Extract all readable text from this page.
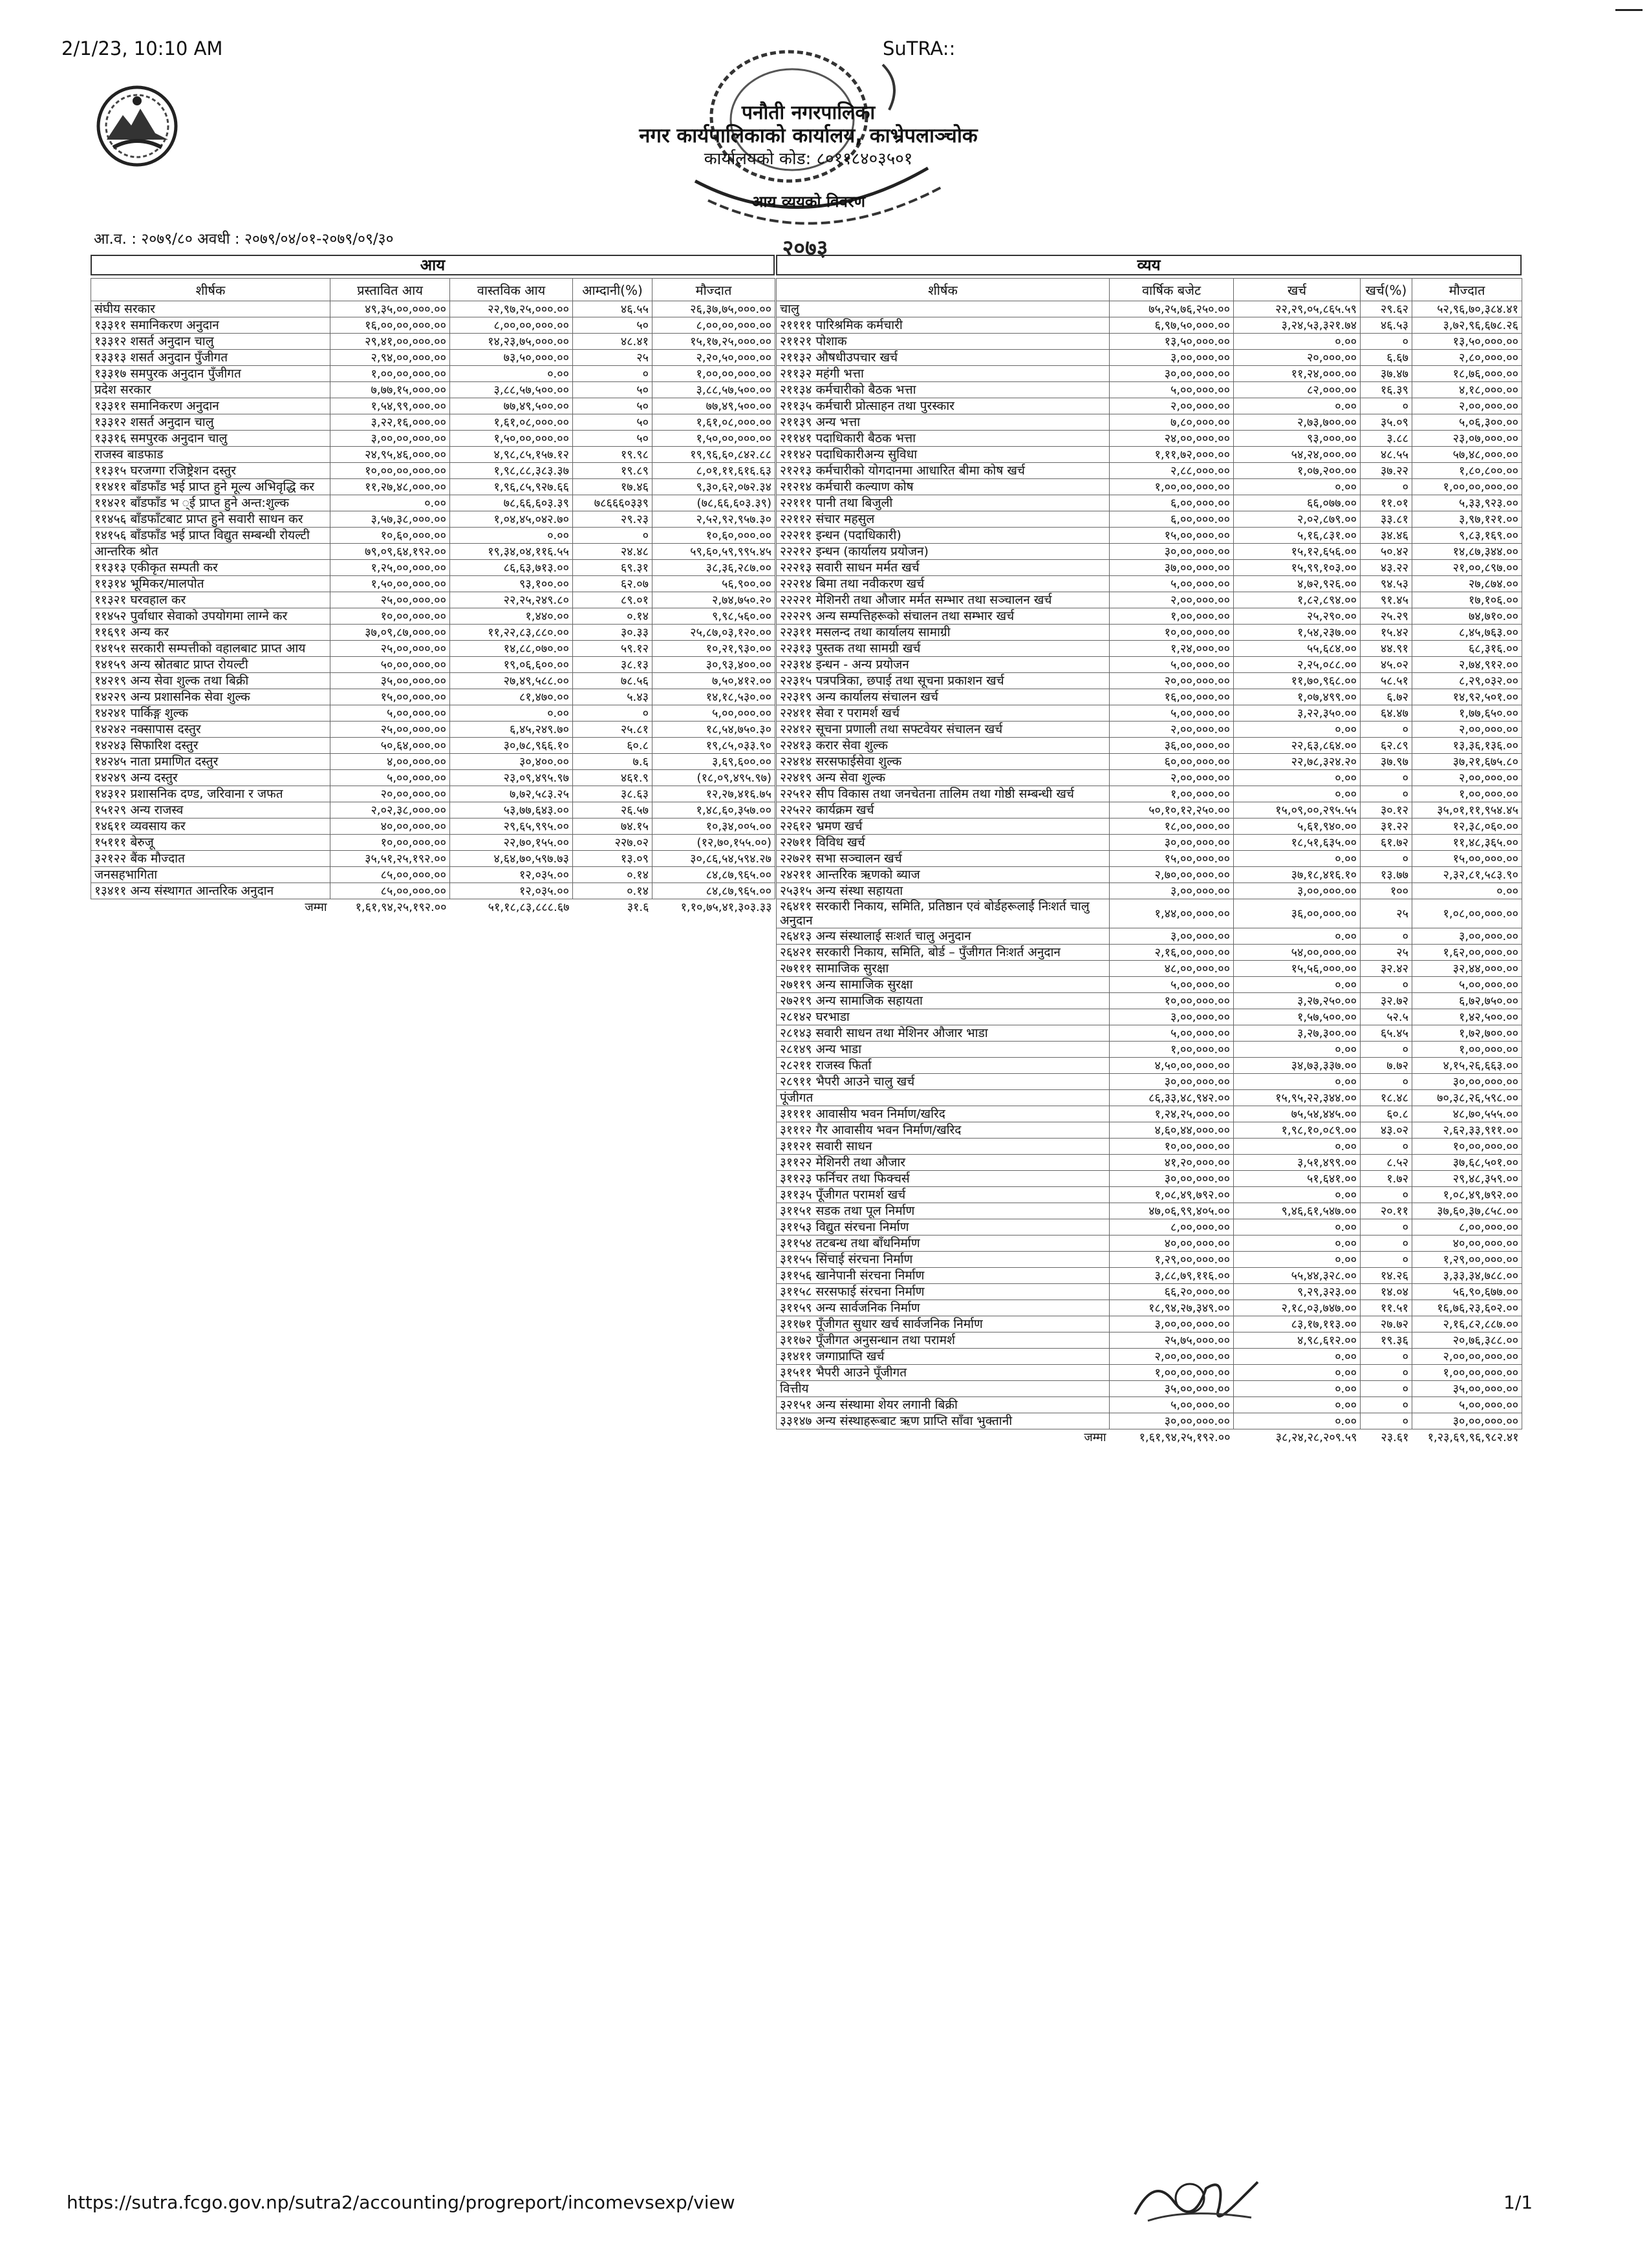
2/1/23, 10:10 AM	SuTRA::
२०७३
पनौती नगरपालिका
नगर कार्यपालिकाको कार्यालय, काभ्रेपलाञ्चोक
कार्यालयको कोड: ८०११८४०३५०१
आय व्ययको विवरण
आ.व. : २०७९/८० अवधी : २०७९/०४/०१-२०७९/०९/३०
आय	व्यय
शीर्षक	प्रस्तावित आय	वास्तविक आय	आम्दानी(%)	मौज्दात
संघीय सरकार	४९,३५,००,०००.००	२२,९७,२५,०००.००	४६.५५	२६,३७,७५,०००.००
१३३११ समानिकरण अनुदान	१६,००,००,०००.००	८,००,००,०००.००	५०	८,००,००,०००.००
१३३१२ शसर्त अनुदान चालु	२९,४१,००,०००.००	१४,२३,७५,०००.००	४८.४१	१५,१७,२५,०००.००
१३३१३ शसर्त अनुदान पुँजीगत	२,९४,००,०००.००	७३,५०,०००.००	२५	२,२०,५०,०००.००
१३३१७ समपुरक अनुदान पुँजीगत	१,००,००,०००.००	०.००	०	१,००,००,०००.००
प्रदेश सरकार	७,७७,१५,०००.००	३,८८,५७,५००.००	५०	३,८८,५७,५००.००
१३३११ समानिकरण अनुदान	१,५४,९९,०००.००	७७,४९,५००.००	५०	७७,४९,५००.००
१३३१२ शसर्त अनुदान चालु	३,२२,१६,०००.००	१,६१,०८,०००.००	५०	१,६१,०८,०००.००
१३३१६ समपुरक अनुदान चालु	३,००,००,०००.००	१,५०,००,०००.००	५०	१,५०,००,०००.००
राजस्व बाडफाड	२४,९५,४६,०००.००	४,९८,८५,१५७.१२	१९.९८	१९,९६,६०,८४२.८८
११३१५ घरजग्गा रजिष्ट्रेशन दस्तुर	१०,००,००,०००.००	१,९८,८८,३८३.३७	१९.८९	८,०१,११,६१६.६३
११४११ बाँडफाँड भई प्राप्त हुने मूल्य अभिवृद्धि कर	११,२७,४८,०००.००	१,९६,८५,९२७.६६	१७.४६	९,३०,६२,०७२.३४
११४२१ बाँडफाँड भ ्ई प्राप्त हुने अन्त:शुल्क	०.००	७८,६६,६०३.३९	७८६६६०३३९	(७८,६६,६०३.३९)
११४५६ बाँडफाँटबाट प्राप्त हुने सवारी साधन कर	३,५७,३८,०००.००	१,०४,४५,०४२.७०	२९.२३	२,५२,९२,९५७.३०
१४१५६ बाँडफाँड भई प्राप्त विद्युत सम्बन्धी रोयल्टी	१०,६०,०००.००	०.००	०	१०,६०,०००.००
आन्तरिक श्रोत	७९,०९,६४,१९२.००	१९,३४,०४,११६.५५	२४.४८	५९,६०,५९,९९५.४५
११३१३ एकीकृत सम्पती कर	१,२५,००,०००.००	८६,६३,७१३.००	६९.३१	३८,३६,२८७.००
११३१४ भूमिकर/मालपोत	१,५०,००,०००.००	९३,१००.००	६२.०७	५६,९००.००
११३२१ घरवहाल कर	२५,००,०००.००	२२,२५,२४९.८०	८९.०१	२,७४,७५०.२०
११४५२ पुर्वाधार सेवाको उपयोगमा लाग्ने कर	१०,००,०००.००	१,४४०.००	०.१४	९,९८,५६०.००
११६९१ अन्य कर	३७,०९,८७,०००.००	११,२२,८३,८८०.००	३०.३३	२५,८७,०३,१२०.००
१४१५१ सरकारी सम्पत्तीको वहालबाट प्राप्त आय	२५,००,०००.००	१४,८८,०७०.००	५९.१२	१०,२१,९३०.००
१४१५९ अन्य स्रोतबाट प्राप्त रोयल्टी	५०,००,०००.००	१९,०६,६००.००	३८.१३	३०,९३,४००.००
१४२१९ अन्य सेवा शुल्क तथा बिक्री	३५,००,०००.००	२७,४९,५८८.००	७८.५६	७,५०,४१२.००
१४२२९ अन्य प्रशासनिक सेवा शुल्क	१५,००,०००.००	८१,४७०.००	५.४३	१४,१८,५३०.००
१४२४१ पार्किङ्ग शुल्क	५,००,०००.००	०.००	०	५,००,०००.००
१४२४२ नक्सापास दस्तुर	२५,००,०००.००	६,४५,२४९.७०	२५.८१	१८,५४,७५०.३०
१४२४३ सिफारिश दस्तुर	५०,६४,०००.००	३०,७८,९६६.१०	६०.८	१९,८५,०३३.९०
१४२४५ नाता प्रमाणित दस्तुर	४,००,०००.००	३०,४००.००	७.६	३,६९,६००.००
१४२४९ अन्य दस्तुर	५,००,०००.००	२३,०९,४९५.९७	४६१.९	(१८,०९,४९५.९७)
१४३१२ प्रशासनिक दण्ड, जरिवाना र जफत	२०,००,०००.००	७,७२,५८३.२५	३८.६३	१२,२७,४१६.७५
१५१२९ अन्य राजस्व	२,०२,३८,०००.००	५३,७७,६४३.००	२६.५७	१,४८,६०,३५७.००
१४६११ व्यवसाय कर	४०,००,०००.००	२९,६५,९९५.००	७४.१५	१०,३४,००५.००
१५१११ बेरुजू	१०,००,०००.००	२२,७०,१५५.००	२२७.०२	(१२,७०,१५५.००)
३२१२२ बैंक मौज्दात	३५,५१,२५,१९२.००	४,६४,७०,५९७.७३	१३.०९	३०,८६,५४,५९४.२७
जनसहभागिता	८५,००,०००.००	१२,०३५.००	०.१४	८४,८७,९६५.००
१३४११ अन्य संस्थागत आन्तरिक अनुदान	८५,००,०००.००	१२,०३५.००	०.१४	८४,८७,९६५.००
जम्मा	१,६१,९४,२५,१९२.००	५१,१८,८३,८८८.६७	३१.६	१,१०,७५,४१,३०३.३३
शीर्षक	वार्षिक बजेट	खर्च	खर्च(%)	मौज्दात
चालु	७५,२५,७६,२५०.००	२२,२९,०५,८६५.५९	२९.६२	५२,९६,७०,३८४.४१
२११११ पारिश्रमिक कर्मचारी	६,९७,५०,०००.००	३,२४,५३,३२१.७४	४६.५३	३,७२,९६,६७८.२६
२११२१ पोशाक	१३,५०,०००.००	०.००	०	१३,५०,०००.००
२११३२ औषधीउपचार खर्च	३,००,०००.००	२०,०००.००	६.६७	२,८०,०००.००
२११३२ महंगी भत्ता	३०,००,०००.००	११,२४,०००.००	३७.४७	१८,७६,०००.००
२११३४ कर्मचारीको बैठक भत्ता	५,००,०००.००	८२,०००.००	१६.३९	४,१८,०००.००
२११३५ कर्मचारी प्रोत्साहन तथा पुरस्कार	२,००,०००.००	०.००	०	२,००,०००.००
२११३९ अन्य भत्ता	७,८०,०००.००	२,७३,७००.००	३५.०९	५,०६,३००.००
२११४१ पदाधिकारी बैठक भत्ता	२४,००,०००.००	९३,०००.००	३.८८	२३,०७,०००.००
२११४२ पदाधिकारीअन्य सुविधा	१,११,७२,०००.००	५४,२४,०००.००	४८.५५	५७,४८,०००.००
२१२१३ कर्मचारीको योगदानमा आधारित बीमा कोष खर्च	२,८८,०००.००	१,०७,२००.००	३७.२२	१,८०,८००.००
२१२१४ कर्मचारी कल्याण कोष	१,००,००,०००.००	०.००	०	१,००,००,०००.००
२२१११ पानी तथा बिजुली	६,००,०००.००	६६,०७७.००	११.०१	५,३३,९२३.००
२२११२ संचार महसुल	६,००,०००.००	२,०२,८७९.००	३३.८१	३,९७,१२१.००
२२२११ इन्धन (पदाधिकारी)	१५,००,०००.००	५,१६,८३१.००	३४.४६	९,८३,१६९.००
२२२१२ इन्धन (कार्यालय प्रयोजन)	३०,००,०००.००	१५,१२,६५६.००	५०.४२	१४,८७,३४४.००
२२२१३ सवारी साधन मर्मत खर्च	३७,००,०००.००	१५,९९,१०३.००	४३.२२	२१,००,८९७.००
२२२१४ बिमा तथा नवीकरण खर्च	५,००,०००.००	४,७२,९२६.००	९४.५३	२७,८७४.००
२२२२१ मेशिनरी तथा औजार मर्मत सम्भार तथा सञ्चालन खर्च	२,००,०००.००	१,८२,८९४.००	९१.४५	१७,१०६.००
२२२२९ अन्य सम्पत्तिहरूको संचालन तथा सम्भार खर्च	१,००,०००.००	२५,२९०.००	२५.२९	७४,७१०.००
२२३११ मसलन्द तथा कार्यालय सामाग्री	१०,००,०००.००	१,५४,२३७.००	१५.४२	८,४५,७६३.००
२२३१३ पुस्तक तथा सामग्री खर्च	१,२४,०००.००	५५,६८४.००	४४.९१	६८,३१६.००
२२३१४ इन्धन - अन्य प्रयोजन	५,००,०००.००	२,२५,०८८.००	४५.०२	२,७४,९१२.००
२२३१५ पत्रपत्रिका, छपाई तथा सूचना प्रकाशन खर्च	२०,००,०००.००	११,७०,९६८.००	५८.५१	८,२९,०३२.००
२२३१९ अन्य कार्यालय संचालन खर्च	१६,००,०००.००	१,०७,४९९.००	६.७२	१४,९२,५०१.००
२२४११ सेवा र परामर्श खर्च	५,००,०००.००	३,२२,३५०.००	६४.४७	१,७७,६५०.००
२२४१२ सूचना प्रणाली तथा सफ्टवेयर संचालन खर्च	२,००,०००.००	०.००	०	२,००,०००.००
२२४१३ करार सेवा शुल्क	३६,००,०००.००	२२,६३,८६४.००	६२.८९	१३,३६,१३६.००
२२४१४ सरसफाईसेवा शुल्क	६०,००,०००.००	२२,७८,३२४.२०	३७.९७	३७,२१,६७५.८०
२२४१९ अन्य सेवा शुल्क	२,००,०००.००	०.००	०	२,००,०००.००
२२५१२ सीप विकास तथा जनचेतना तालिम तथा गोष्ठी सम्बन्धी खर्च	१,००,०००.००	०.००	०	१,००,०००.००
२२५२२ कार्यक्रम खर्च	५०,१०,१२,२५०.००	१५,०९,००,२९५.५५	३०.१२	३५,०१,११,९५४.४५
२२६१२ भ्रमण खर्च	१८,००,०००.००	५,६१,९४०.००	३१.२२	१२,३८,०६०.००
२२७११ विविध खर्च	३०,००,०००.००	१८,५१,६३५.००	६१.७२	११,४८,३६५.००
२२७२१ सभा सञ्चालन खर्च	१५,००,०००.००	०.००	०	१५,००,०००.००
२४२११ आन्तरिक ऋणको ब्याज	२,७०,००,०००.००	३७,१८,४१६.१०	१३.७७	२,३२,८१,५८३.९०
२५३१५ अन्य संस्था सहायता	३,००,०००.००	३,००,०००.००	१००	०.००
२६४११ सरकारी निकाय, समिति, प्रतिष्ठान एवं बोर्डहरूलाई निःशर्त चालु अनुदान	१,४४,००,०००.००	३६,००,०००.००	२५	१,०८,००,०००.००
२६४१३ अन्य संस्थालाई सःशर्त चालु अनुदान	३,००,०००.००	०.००	०	३,००,०००.००
२६४२१ सरकारी निकाय, समिति, बोर्ड – पुँजीगत निःशर्त अनुदान	२,१६,००,०००.००	५४,००,०००.००	२५	१,६२,००,०००.००
२७१११ सामाजिक सुरक्षा	४८,००,०००.००	१५,५६,०००.००	३२.४२	३२,४४,०००.००
२७११९ अन्य सामाजिक सुरक्षा	५,००,०००.००	०.००	०	५,००,०००.००
२७२१९ अन्य सामाजिक सहायता	१०,००,०००.००	३,२७,२५०.००	३२.७२	६,७२,७५०.००
२८१४२ घरभाडा	३,००,०००.००	१,५७,५००.००	५२.५	१,४२,५००.००
२८१४३ सवारी साधन तथा मेशिनर औजार भाडा	५,००,०००.००	३,२७,३००.००	६५.४५	१,७२,७००.००
२८१४९ अन्य भाडा	१,००,०००.००	०.००	०	१,००,०००.००
२८२११ राजस्व फिर्ता	४,५०,००,०००.००	३४,७३,३३७.००	७.७२	४,१५,२६,६६३.००
२८९११ भैपरी आउने चालु खर्च	३०,००,०००.००	०.००	०	३०,००,०००.००
पूंजीगत	८६,३३,४८,९४२.००	१५,९५,२२,३४४.००	१८.४८	७०,३८,२६,५९८.००
३११११ आवासीय भवन निर्माण/खरिद	१,२४,२५,०००.००	७५,५४,४४५.००	६०.८	४८,७०,५५५.००
३१११२ गैर आवासीय भवन निर्माण/खरिद	४,६०,४४,०००.००	१,९८,१०,०८९.००	४३.०२	२,६२,३३,९११.००
३११२१ सवारी साधन	१०,००,०००.००	०.००	०	१०,००,०००.००
३११२२ मेशिनरी तथा औजार	४१,२०,०००.००	३,५१,४९९.००	८.५२	३७,६८,५०१.००
३११२३ फर्निचर तथा फिक्चर्स	३०,००,०००.००	५१,६४१.००	१.७२	२९,४८,३५९.००
३११३५ पूँजीगत परामर्श खर्च	१,०८,४९,७९२.००	०.००	०	१,०८,४९,७९२.००
३११५१ सडक तथा पूल निर्माण	४७,०६,९९,४०५.००	९,४६,६१,५४७.००	२०.११	३७,६०,३७,८५८.००
३११५३ विद्युत संरचना निर्माण	८,००,०००.००	०.००	०	८,००,०००.००
३११५४ तटबन्ध तथा बाँधनिर्माण	४०,००,०००.००	०.००	०	४०,००,०००.००
३११५५ सिंचाई संरचना निर्माण	१,२९,००,०००.००	०.००	०	१,२९,००,०००.००
३११५६ खानेपानी संरचना निर्माण	३,८८,७९,११६.००	५५,४४,३२८.००	१४.२६	३,३३,३४,७८८.००
३११५८ सरसफाई संरचना निर्माण	६६,२०,०००.००	९,२९,३२३.००	१४.०४	५६,९०,६७७.००
३११५९ अन्य सार्वजनिक निर्माण	१८,९४,२७,३४९.००	२,१८,०३,७४७.००	११.५१	१६,७६,२३,६०२.००
३११७१ पूँजीगत सुधार खर्च सार्वजनिक निर्माण	३,००,००,०००.००	८३,१७,११३.००	२७.७२	२,१६,८२,८८७.००
३११७२ पूँजीगत अनुसन्धान तथा परामर्श	२५,७५,०००.००	४,९८,६१२.००	१९.३६	२०,७६,३८८.००
३१४११ जग्गाप्राप्ति खर्च	२,००,००,०००.००	०.००	०	२,००,००,०००.००
३१५११ भैपरी आउने पूँजीगत	१,००,००,०००.००	०.००	०	१,००,००,०००.००
वित्तीय	३५,००,०००.००	०.००	०	३५,००,०००.००
३२१५१ अन्य संस्थामा शेयर लगानी बिक्री	५,००,०००.००	०.००	०	५,००,०००.००
३३१४७ अन्य संस्थाहरूबाट ऋण प्राप्ति साँवा भुक्तानी	३०,००,०००.००	०.००	०	३०,००,०००.००
जम्मा	१,६१,९४,२५,१९२.००	३८,२४,२८,२०९.५९	२३.६१	१,२३,६९,९६,९८२.४१
https://sutra.fcgo.gov.np/sutra2/accounting/progreport/incomevsexp/view	1/1
